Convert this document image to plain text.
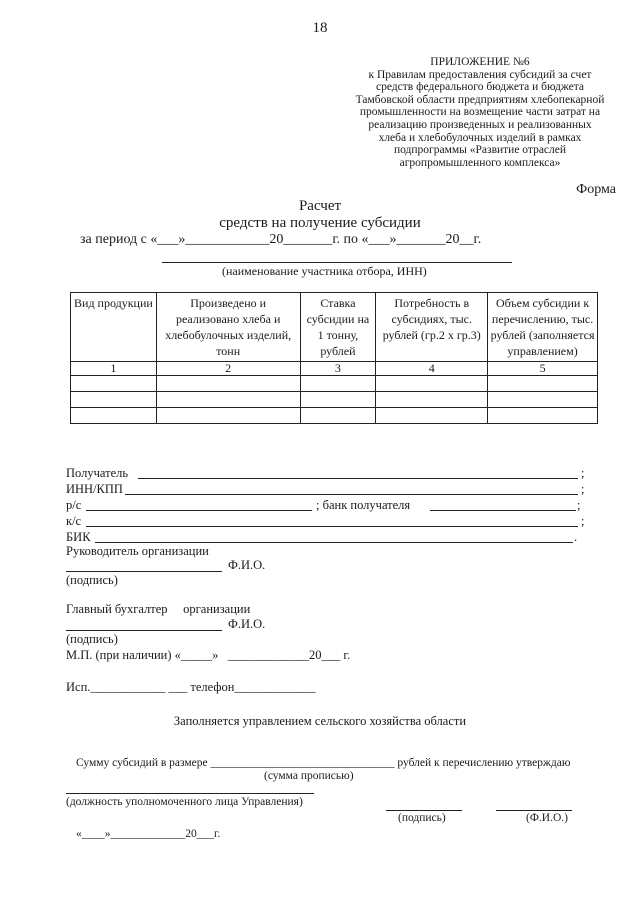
18
ПРИЛОЖЕНИЕ №6
к Правилам предоставления субсидий за счет
средств федерального бюджета и бюджета
Тамбовской области предприятиям хлебопекарной
промышленности на возмещение части затрат на
реализацию произведенных и реализованных
хлеба и хлебобулочных изделий в рамках
подпрограммы «Развитие отраслей
агропромышленного комплекса»
Форма
Расчет
средств на получение субсидии
за период с «___»____________20_______г. по «___»_______20__г.
(наименование участника отбора, ИНН)
Вид продукции	Произведено и реализовано хлеба и хлебобулочных изделий, тонн	Ставка субсидии на 1 тонну, рублей	Потребность в субсидиях, тыс. рублей (гр.2 х гр.3)	Объем субсидии к перечислению, тыс. рублей (заполняется управлением)
1	2	3	4	5

Получатель	;
ИНН/КПП	;
р/с	; банк получателя	;
к/с	;
БИК	.
Руководитель организации
Ф.И.О.
(подпись)
Главный бухгалтер     организации
Ф.И.О.
(подпись)
М.П. (при наличии) «_____»   _____________20___ г.
Исп.____________ ___ телефон_____________
Заполняется управлением сельского хозяйства области
Сумму субсидий в размере ________________________________ рублей к перечислению утверждаю
(сумма прописью)
(должность уполномоченного лица Управления)
(подпись)	(Ф.И.О.)
«____»_____________20___г.
